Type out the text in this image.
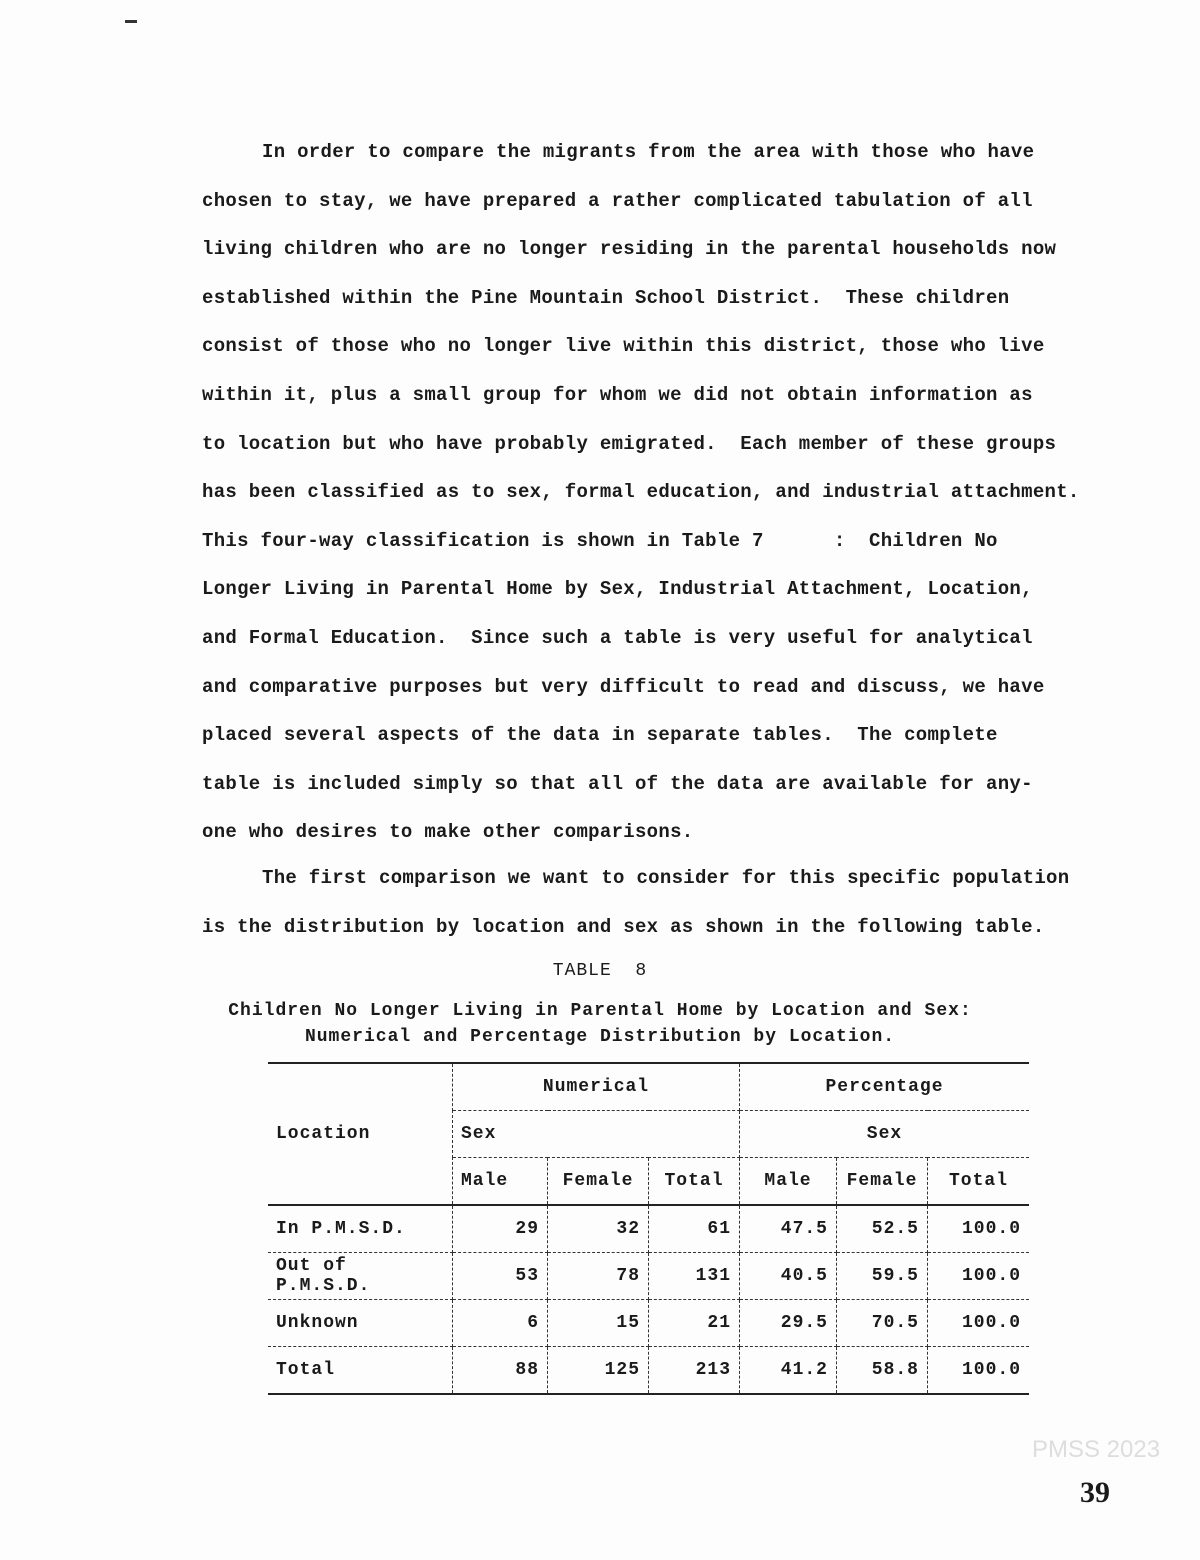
In order to compare the migrants from the area with those who have
chosen to stay, we have prepared a rather complicated tabulation of all
living children who are no longer residing in the parental households now
established within the Pine Mountain School District.  These children
consist of those who no longer live within this district, those who live
within it, plus a small group for whom we did not obtain information as
to location but who have probably emigrated.  Each member of these groups
has been classified as to sex, formal education, and industrial attachment.
This four-way classification is shown in Table 7      :  Children No
Longer Living in Parental Home by Sex, Industrial Attachment, Location,
and Formal Education.  Since such a table is very useful for analytical
and comparative purposes but very difficult to read and discuss, we have
placed several aspects of the data in separate tables.  The complete
table is included simply so that all of the data are available for any-
one who desires to make other comparisons.
The first comparison we want to consider for this specific population
is the distribution by location and sex as shown in the following table.
TABLE  8
Children No Longer Living in Parental Home by Location and Sex:
Numerical and Percentage Distribution by Location.
Location	Numerical			Percentage		
	Sex			Sex		
	Male	Female	Total	Male	Female	Total
In P.M.S.D.	29	32	61	47.5	52.5	100.0
Out of P.M.S.D.	53	78	131	40.5	59.5	100.0
Unknown	6	15	21	29.5	70.5	100.0
Total	88	125	213	41.2	58.8	100.0
PMSS 2023
39
